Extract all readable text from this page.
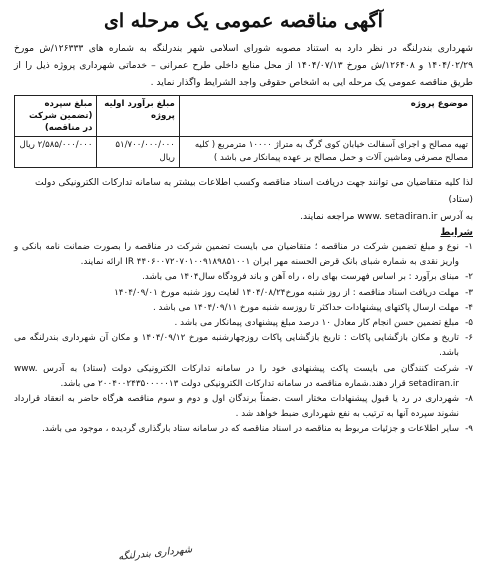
آگهی مناقصه عمومی یک مرحله ای

شهرداری بندرلنگه در نظر دارد به استناد مصوبه شورای اسلامی شهر بندرلنگه به شماره های ۱۲۶۳۳۳/ش مورخ ۱۴۰۴/۰۲/۲۹ و ۱۲۶۴۰۸/ش مورخ ۱۴۰۴/۰۷/۱۳ از محل منابع داخلی طرح عمرانی – خدماتی شهرداری پروژه ذیل را از طریق مناقصه عمومی یک مرحله ایی به اشخاص حقوقی واجد الشرایط واگذار نماید .

موضوع پروژه	مبلغ برآورد اولیه پروژه	مبلغ سپرده (تضمین شرکت در مناقصه)
تهیه مصالح و اجرای آسفالت خیابان کوی گرگ به متراژ ۱۰۰۰۰ مترمربع ( کلیه مصالح مصرفی وماشین آلات و حمل مصالح بر عهده پیمانکار می باشد )	۵۱/۷۰۰/۰۰۰/۰۰۰ ریال	۲/۵۸۵/۰۰۰/۰۰۰ ریال
لذا کلیه متقاضیان می توانند جهت دریافت اسناد مناقصه وکسب اطلاعات بیشتر به سامانه تدارکات الکترونیکی دولت (ستاد)
به آدرس www. setadiran.ir مراجعه نمایند.
شرایط
۱-
نوع و مبلغ تضمین شرکت در مناقصه ؛ متقاضیان می بایست تضمین شرکت در مناقصه را بصورت ضمانت نامه بانکی و واریز نقدی به شماره شبای بانک قرض الحسنه مهر ایران IR ۴۴۰۶۰۰۷۲۰۷۰۱۰۰۹۱۸۹۸۵۱۰۰۱ ارائه نمایند.
۲-
مبنای برآورد : بر اساس فهرست بهای راه ، راه آهن و باند فرودگاه سال۱۴۰۴ می باشد.
۳-
مهلت دریافت اسناد مناقصه : از روز شنبه مورخ۱۴۰۴/۰۸/۲۴ لغایت روز شنبه مورخ ۱۴۰۴/۰۹/۰۱
۴-
مهلت ارسال پاکتهای پیشنهادات حداکثر تا روزسه شنبه مورخ ۱۴۰۴/۰۹/۱۱ می باشد .
۵-
مبلغ تضمین حسن انجام کار معادل ۱۰ درصد مبلغ پیشنهادی پیمانکار می باشد .
۶-
تاریخ و مکان بازگشایی پاکات : تاریخ بازگشایی پاکات روزچهارشنبه مورخ ۱۴۰۴/۰۹/۱۲ و مکان آن شهرداری بندرلنگه می باشد.
۷-
شرکت کنندگان می بایست پاکت پیشنهادی خود را در سامانه تدارکات الکترونیکی دولت (ستاد) به آدرس www. setadiran.ir قرار دهند.شماره مناقصه در سامانه تدارکات الکترونیکی دولت ۲۰۰۴۰۰۲۴۳۵۰۰۰۰۰۱۳ می باشد.
۸-
شهرداری در رد یا قبول پیشنهادات مختار است .ضمناً برندگان اول و دوم و سوم مناقصه هرگاه حاضر به انعقاد قرارداد نشوند سپرده آنها به ترتیب به نفع شهرداری ضبط خواهد شد .
۹-
سایر اطلاعات و جزئیات مربوط به مناقصه در اسناد مناقصه که در سامانه ستاد بارگذاری گردیده ، موجود می باشد.
شهرداری بندرلنگه
